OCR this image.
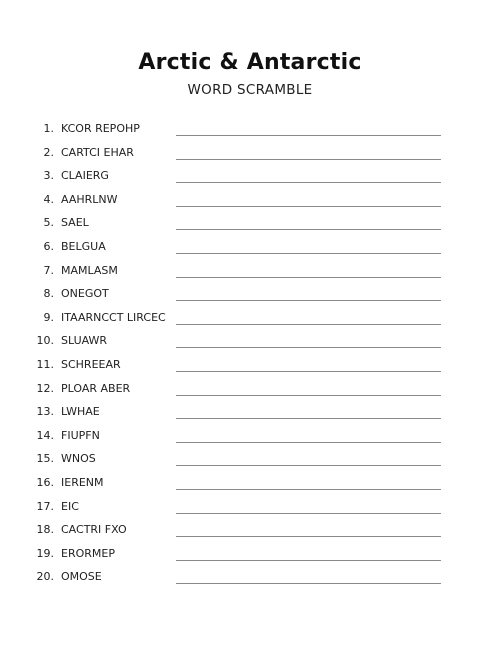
Arctic & Antarctic
WORD SCRAMBLE
1. KCOR REPOHP
2. CARTCI EHAR
3. CLAIERG
4. AAHRLNW
5. SAEL
6. BELGUA
7. MAMLASM
8. ONEGOT
9. ITAARNCCT LIRCEC
10. SLUAWR
11. SCHREEAR
12. PLOAR ABER
13. LWHAE
14. FIUPFN
15. WNOS
16. IERENM
17. EIC
18. CACTRI FXO
19. ERORMEP
20. OMOSE
